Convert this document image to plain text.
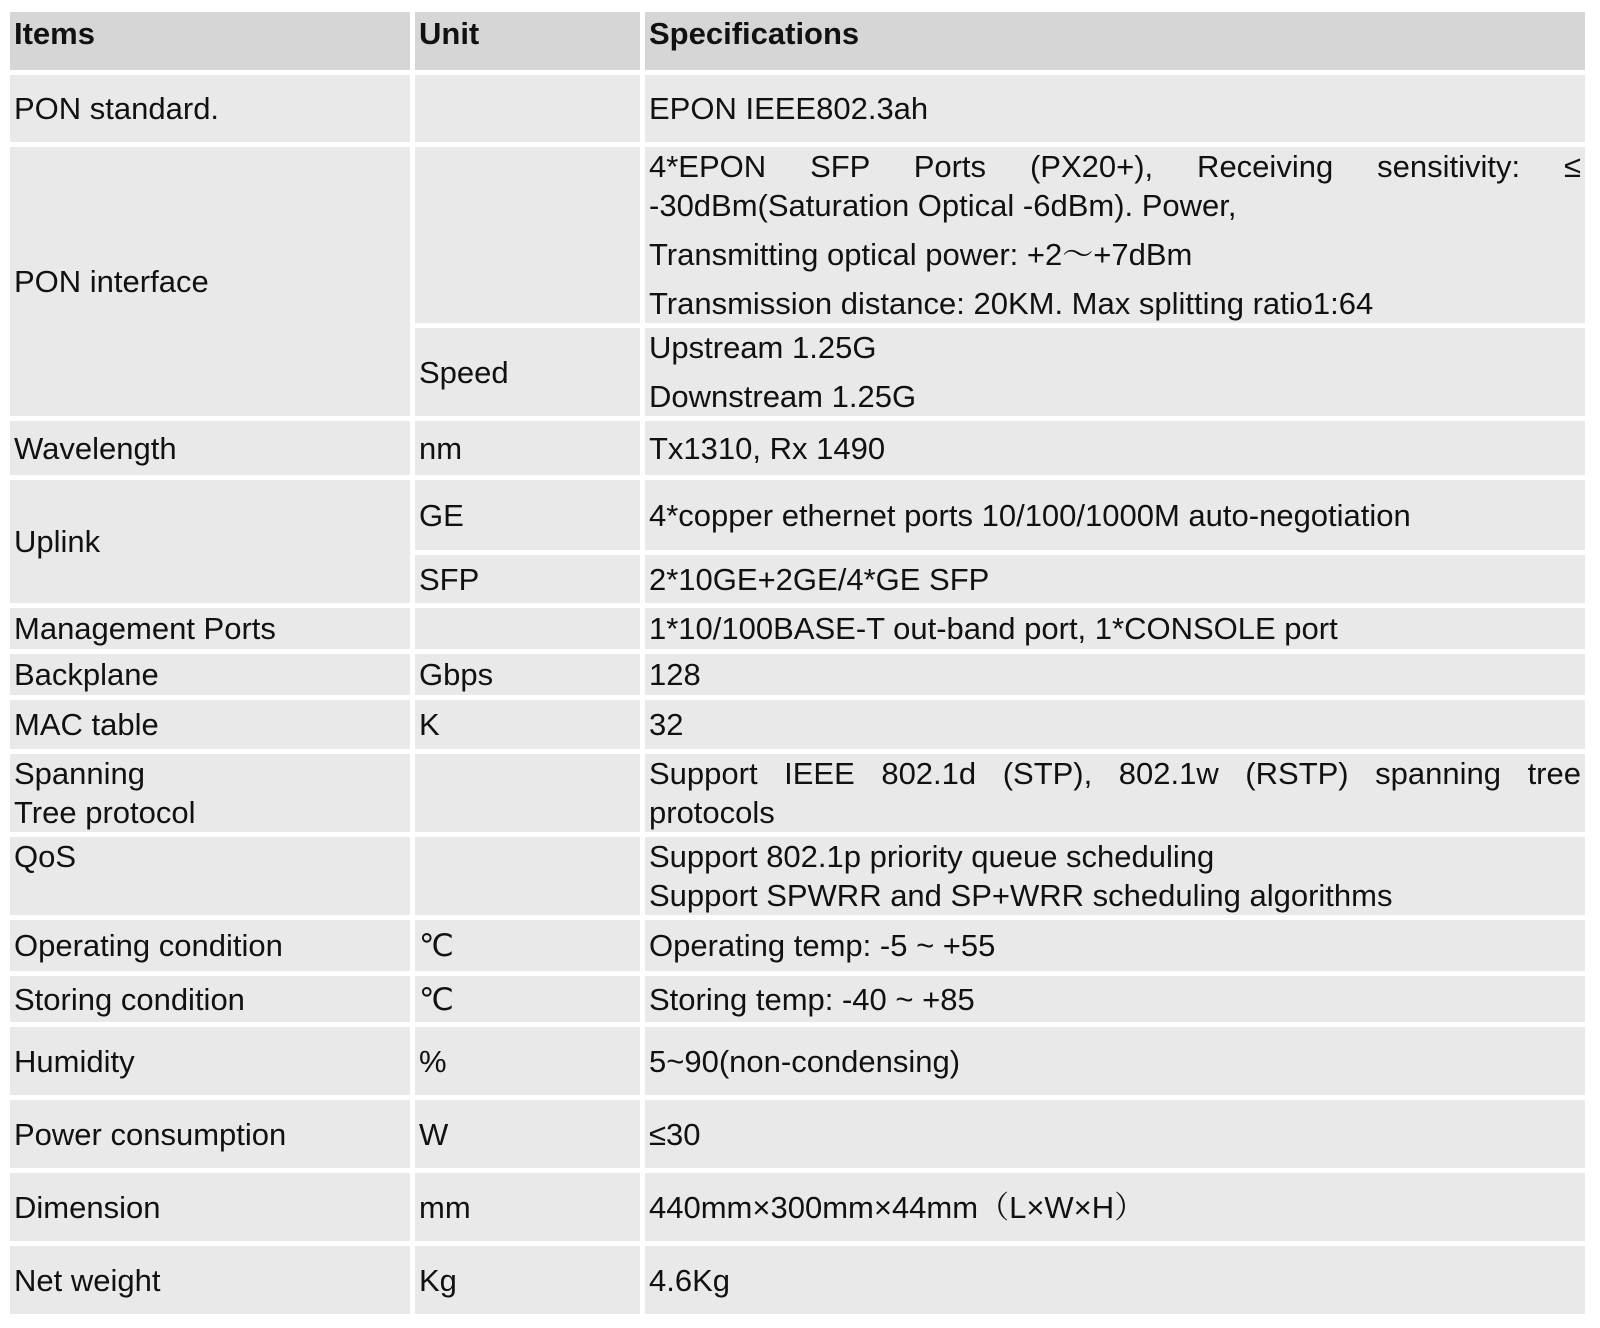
Items	Unit	Specifications
PON standard.		EPON IEEE802.3ah
PON interface		4*EPON SFP Ports (PX20+), Receiving sensitivity: ≤ -30dBm(Saturation Optical -6dBm). Power,
Transmitting optical power: +2～+7dBm
Transmission distance: 20KM. Max splitting ratio1:64

	Speed	Upstream 1.25G
Downstream 1.25G

Wavelength	nm	Tx1310, Rx 1490
Uplink	GE	4*copper ethernet ports 10/100/1000M auto-negotiation
	SFP	2*10GE+2GE/4*GE SFP
Management Ports		1*10/100BASE-T out-band port, 1*CONSOLE port
Backplane	Gbps	128
MAC table	K	32

Spanning
Tree protocol		Support IEEE 802.1d (STP), 802.1w (RSTP) spanning tree protocols
QoS		Support 802.1p priority queue scheduling
Support SPWRR and SP+WRR scheduling algorithms

Operating condition	℃	Operating temp: -5 ~ +55
Storing condition	℃	Storing temp: -40 ~ +85
Humidity	%	5~90(non-condensing)
Power consumption	W	≤30
Dimension	mm	440mm×300mm×44mm（L×W×H）
Net weight	Kg	4.6Kg
